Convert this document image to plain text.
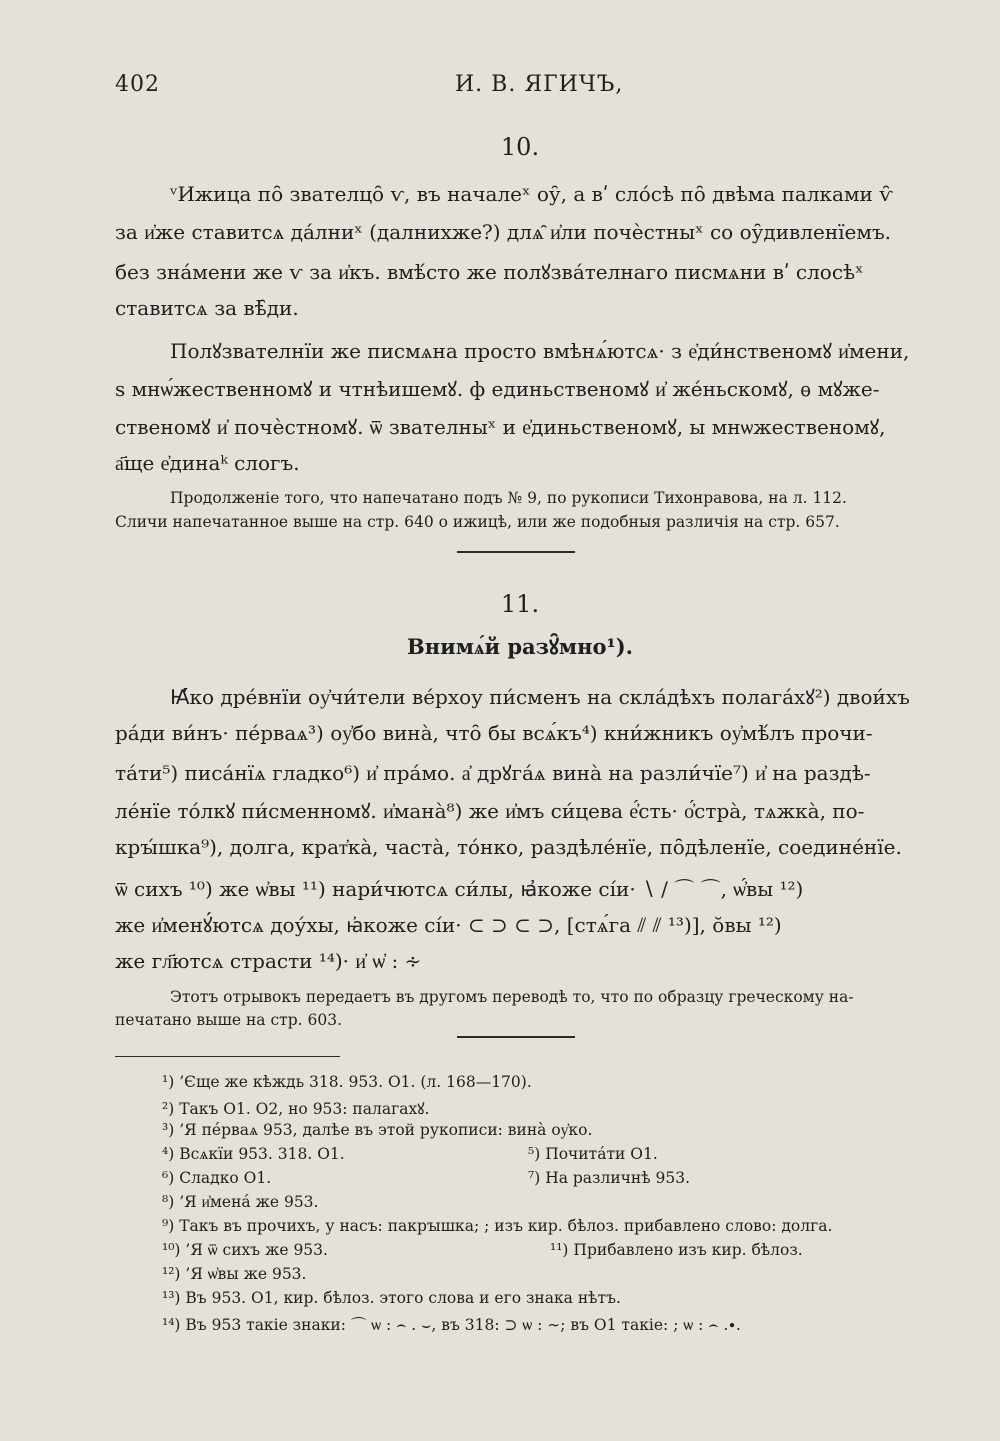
402	И. В. ЯГИЧЪ,
10.
ᵛИжица по̑ звателцо̑ ѵ, въ началеˣ оу̑, а вʹ сло́сѣ по̑ двѣма палками ѵ̑
за и҆же ставитсѧ да́лниˣ (далнихже?) длѧ̑ и҆ли почѐстныˣ со оу̑дивленїемъ.
без зна́мени же ѵ за и҆къ. вмѣ́сто же полꙋзва́телнаго писмѧни вʹ слосѣˣ
ставитсѧ за вѣ̑ди.
Полꙋзвателнїи же писмѧна просто вмѣнѧ́ютсѧ· з е҆ди́нственомꙋ и҆мени,
ѕ мнѡ́жественномꙋ и чтнѣишемꙋ. ф единьственомꙋ и҆ же́ньскомꙋ, ѳ мꙋже-
ственомꙋ и҆ почѐстномꙋ. ѿ звателныˣ и е҆диньственомꙋ, ы мнѡжественомꙋ,
а҃ще е҆динаᵏ слогъ.
Продолженіе того, что напечатано подъ № 9, по рукописи Тихонравова, на л. 112.
Сличи напечатанное выше на стр. 640 о ижицѣ, или же подобныя различія на стр. 657.
11.
Внимѧ́й разꙋ̑мно¹).
Ꙗ҆́ко дре́внїи оу҆чи́тели ве́рхоу пи́сменъ на скла́дѣхъ полага́хꙋ²) двои́хъ
ра́ди ви́нъ· пе́рваѧ³) оу҆бо вина̀, что̑ бы всѧ́къ⁴) кни́жникъ оу҆мѣ́лъ прочи-
та́ти⁵) писа́нїѧ гладко⁶) и҆ пра́мо. а҆ дрꙋга́ѧ вина̀ на разли́чїе⁷) и҆ на раздѣ-
ле́нїе то́лкꙋ пи́сменномꙋ. и҆мана̀⁸) же и҆мъ си́цева е҆́сть· о҆́стра̀, тѧжка̀, по-
крꙑ́шка⁹), долга, крат҆ка̀, часта̀, то́нко, раздѣле́нїе, по̑дѣленїе, соедине́нїе.
ѿ сихъ ¹⁰) же ѡ҆вы ¹¹) нари́чютсѧ си́лы, ꙗ҆коже сі́и· ∖ ∕ ⌒ ⌒, ѡ҆́вы ¹²)
же и҆менꙋ́ютсѧ доу́хы, ꙗ҆коже сі́и· ⊂ ⊃ ⊂ ⊃, [стѧ́га ⫽ ⫽ ¹³)], о̆вы ¹²)
же гл҃ютсѧ страсти ¹⁴)· и҆ ѡ҆ : ∻
Этотъ отрывокъ передаетъ въ другомъ переводѣ то, что по образцу греческому на-
печатано выше на стр. 603.
¹) ’Єще же кѣждь 318. 953. О1. (л. 168—170).
²) Такъ О1. О2, но 953: палагахꙋ.
³) ’Я пе́рваѧ 953, далѣе въ этой рукописи: вина̀ оу҆ко.
⁴) Всѧкїи 953. 318. О1.	⁵) Почита́ти О1.
⁶) Сладко О1.	⁷) На различнѣ 953.
⁸) ’Я и҆мена́ же 953.
⁹) Такъ въ прочихъ, у насъ: пакрꙑшка; ; изъ кир. бѣлоз. прибавлено слово: долга.
¹⁰) ’Я ѿ сихъ же 953.	¹¹) Прибавлено изъ кир. бѣлоз.
¹²) ’Я ѡ҆вы же 953.
¹³) Въ 953. О1, кир. бѣлоз. этого слова и его знака нѣтъ.
¹⁴) Въ 953 такіе знаки: ⌒ ѡ : ⌢ . ⌣, въ 318: ⊃ ѡ : ∼; въ О1 такіе: ; ѡ : ⌢ .∙.
